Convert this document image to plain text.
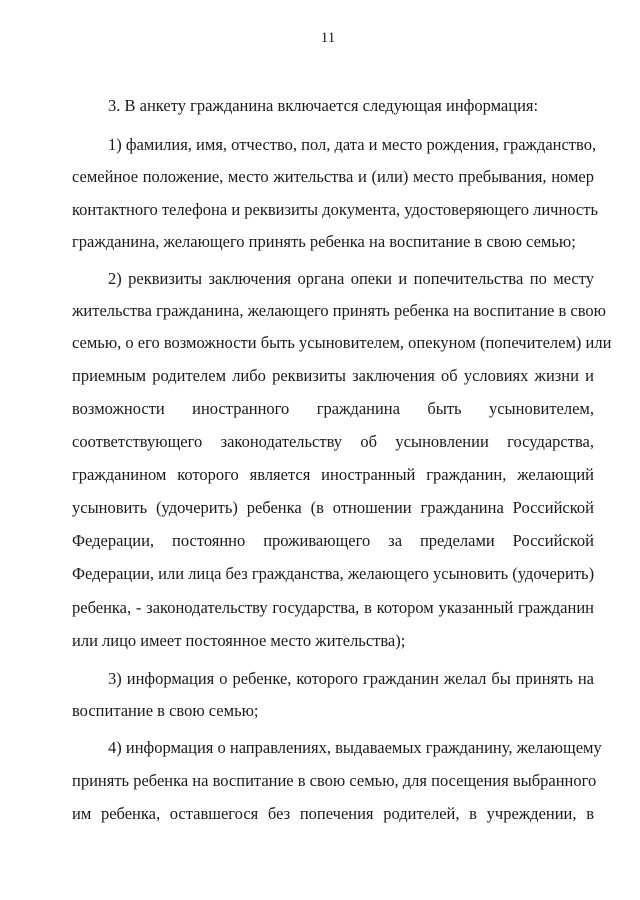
11
3. В анкету гражданина включается следующая информация:
1) фамилия, имя, отчество, пол, дата и место рождения, гражданство,
семейное положение, место жительства и (или) место пребывания, номер
контактного телефона и реквизиты документа, удостоверяющего личность
гражданина, желающего принять ребенка на воспитание в свою семью;
2) реквизиты заключения органа опеки и попечительства по месту
жительства гражданина, желающего принять ребенка на воспитание в свою
семью, о его возможности быть усыновителем, опекуном (попечителем) или
приемным родителем либо реквизиты заключения об условиях жизни и
возможности иностранного гражданина быть усыновителем,
соответствующего законодательству об усыновлении государства,
гражданином которого является иностранный гражданин, желающий
усыновить (удочерить) ребенка (в отношении гражданина Российской
Федерации, постоянно проживающего за пределами Российской
Федерации, или лица без гражданства, желающего усыновить (удочерить)
ребенка, - законодательству государства, в котором указанный гражданин
или лицо имеет постоянное место жительства);
3) информация о ребенке, которого гражданин желал бы принять на
воспитание в свою семью;
4) информация о направлениях, выдаваемых гражданину, желающему
принять ребенка на воспитание в свою семью, для посещения выбранного
им ребенка, оставшегося без попечения родителей, в учреждении, в
